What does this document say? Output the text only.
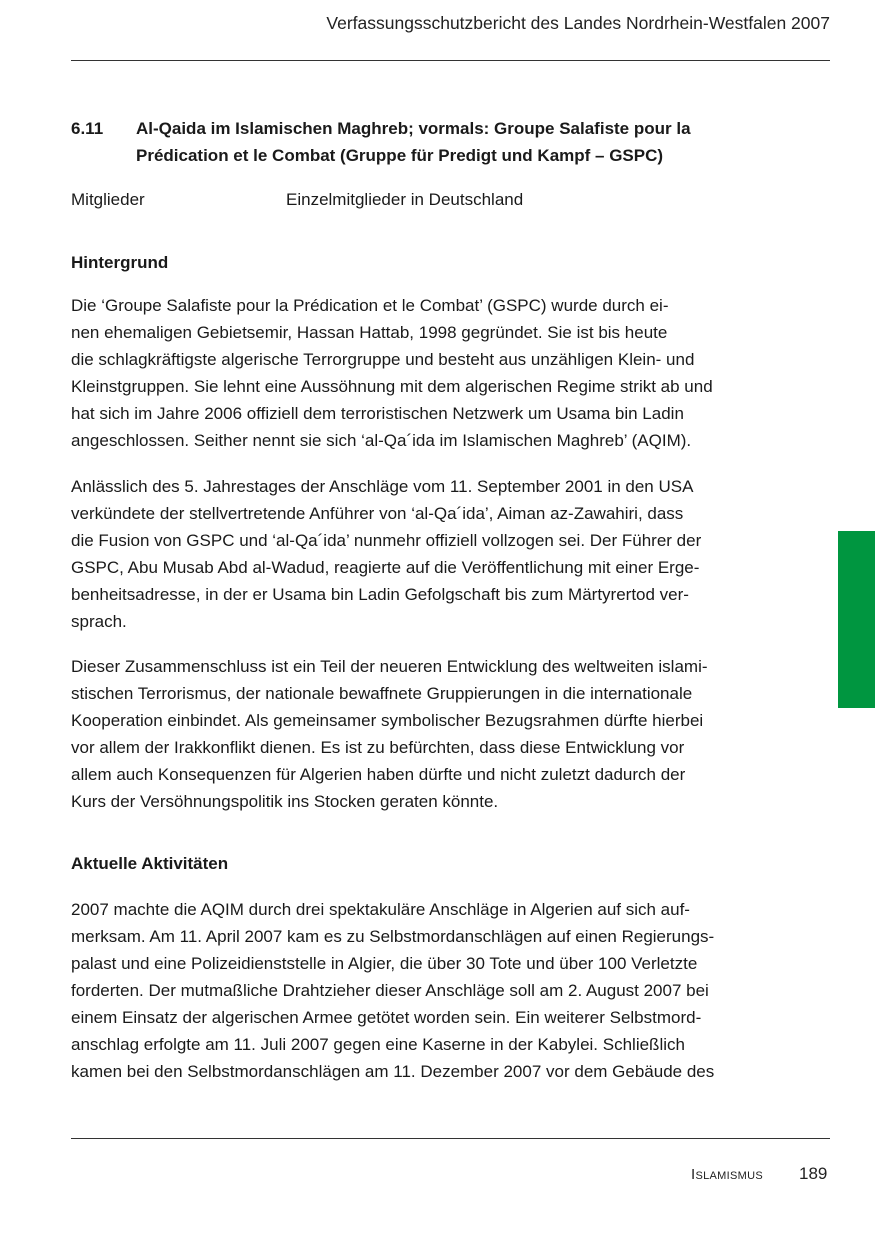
Verfassungsschutzbericht des Landes Nordrhein-Westfalen 2007
6.11 Al-Qaida im Islamischen Maghreb; vormals: Groupe Salafiste pour la
Prédication et le Combat (Gruppe für Predigt und Kampf – GSPC)
Mitglieder	Einzelmitglieder in Deutschland
Hintergrund
Die ‘Groupe Salafiste pour la Prédication et le Combat’ (GSPC) wurde durch ei-
nen ehemaligen Gebietsemir, Hassan Hattab, 1998 gegründet. Sie ist bis heute
die schlagkräftigste algerische Terrorgruppe und besteht aus unzähligen Klein- und
Kleinstgruppen. Sie lehnt eine Aussöhnung mit dem algerischen Regime strikt ab und
hat sich im Jahre 2006 offiziell dem terroristischen Netzwerk um Usama bin Ladin
angeschlossen. Seither nennt sie sich ‘al-Qa´ida im Islamischen Maghreb’ (AQIM).
Anlässlich des 5. Jahrestages der Anschläge vom 11. September 2001 in den USA
verkündete der stellvertretende Anführer von ‘al-Qa´ida’, Aiman az-Zawahiri, dass
die Fusion von GSPC und ‘al-Qa´ida’ nunmehr offiziell vollzogen sei. Der Führer der
GSPC, Abu Musab Abd al-Wadud, reagierte auf die Veröffentlichung mit einer Erge-
benheitsadresse, in der er Usama bin Ladin Gefolgschaft bis zum Märtyrertod ver-
sprach.
Dieser Zusammenschluss ist ein Teil der neueren Entwicklung des weltweiten islami-
stischen Terrorismus, der nationale bewaffnete Gruppierungen in die internationale
Kooperation einbindet. Als gemeinsamer symbolischer Bezugsrahmen dürfte hierbei
vor allem der Irakkonflikt dienen. Es ist zu befürchten, dass diese Entwicklung vor
allem auch Konsequenzen für Algerien haben dürfte und nicht zuletzt dadurch der
Kurs der Versöhnungspolitik ins Stocken geraten könnte.
Aktuelle Aktivitäten
2007 machte die AQIM durch drei spektakuläre Anschläge in Algerien auf sich auf-
merksam. Am 11. April 2007 kam es zu Selbstmordanschlägen auf einen Regierungs-
palast und eine Polizeidienststelle in Algier, die über 30 Tote und über 100 Verletzte
forderten. Der mutmaßliche Drahtzieher dieser Anschläge soll am 2. August 2007 bei
einem Einsatz der algerischen Armee getötet worden sein. Ein weiterer Selbstmord-
anschlag erfolgte am 11. Juli 2007 gegen eine Kaserne in der Kabylei. Schließlich
kamen bei den Selbstmordanschlägen am 11. Dezember 2007 vor dem Gebäude des
Islamismus 189
